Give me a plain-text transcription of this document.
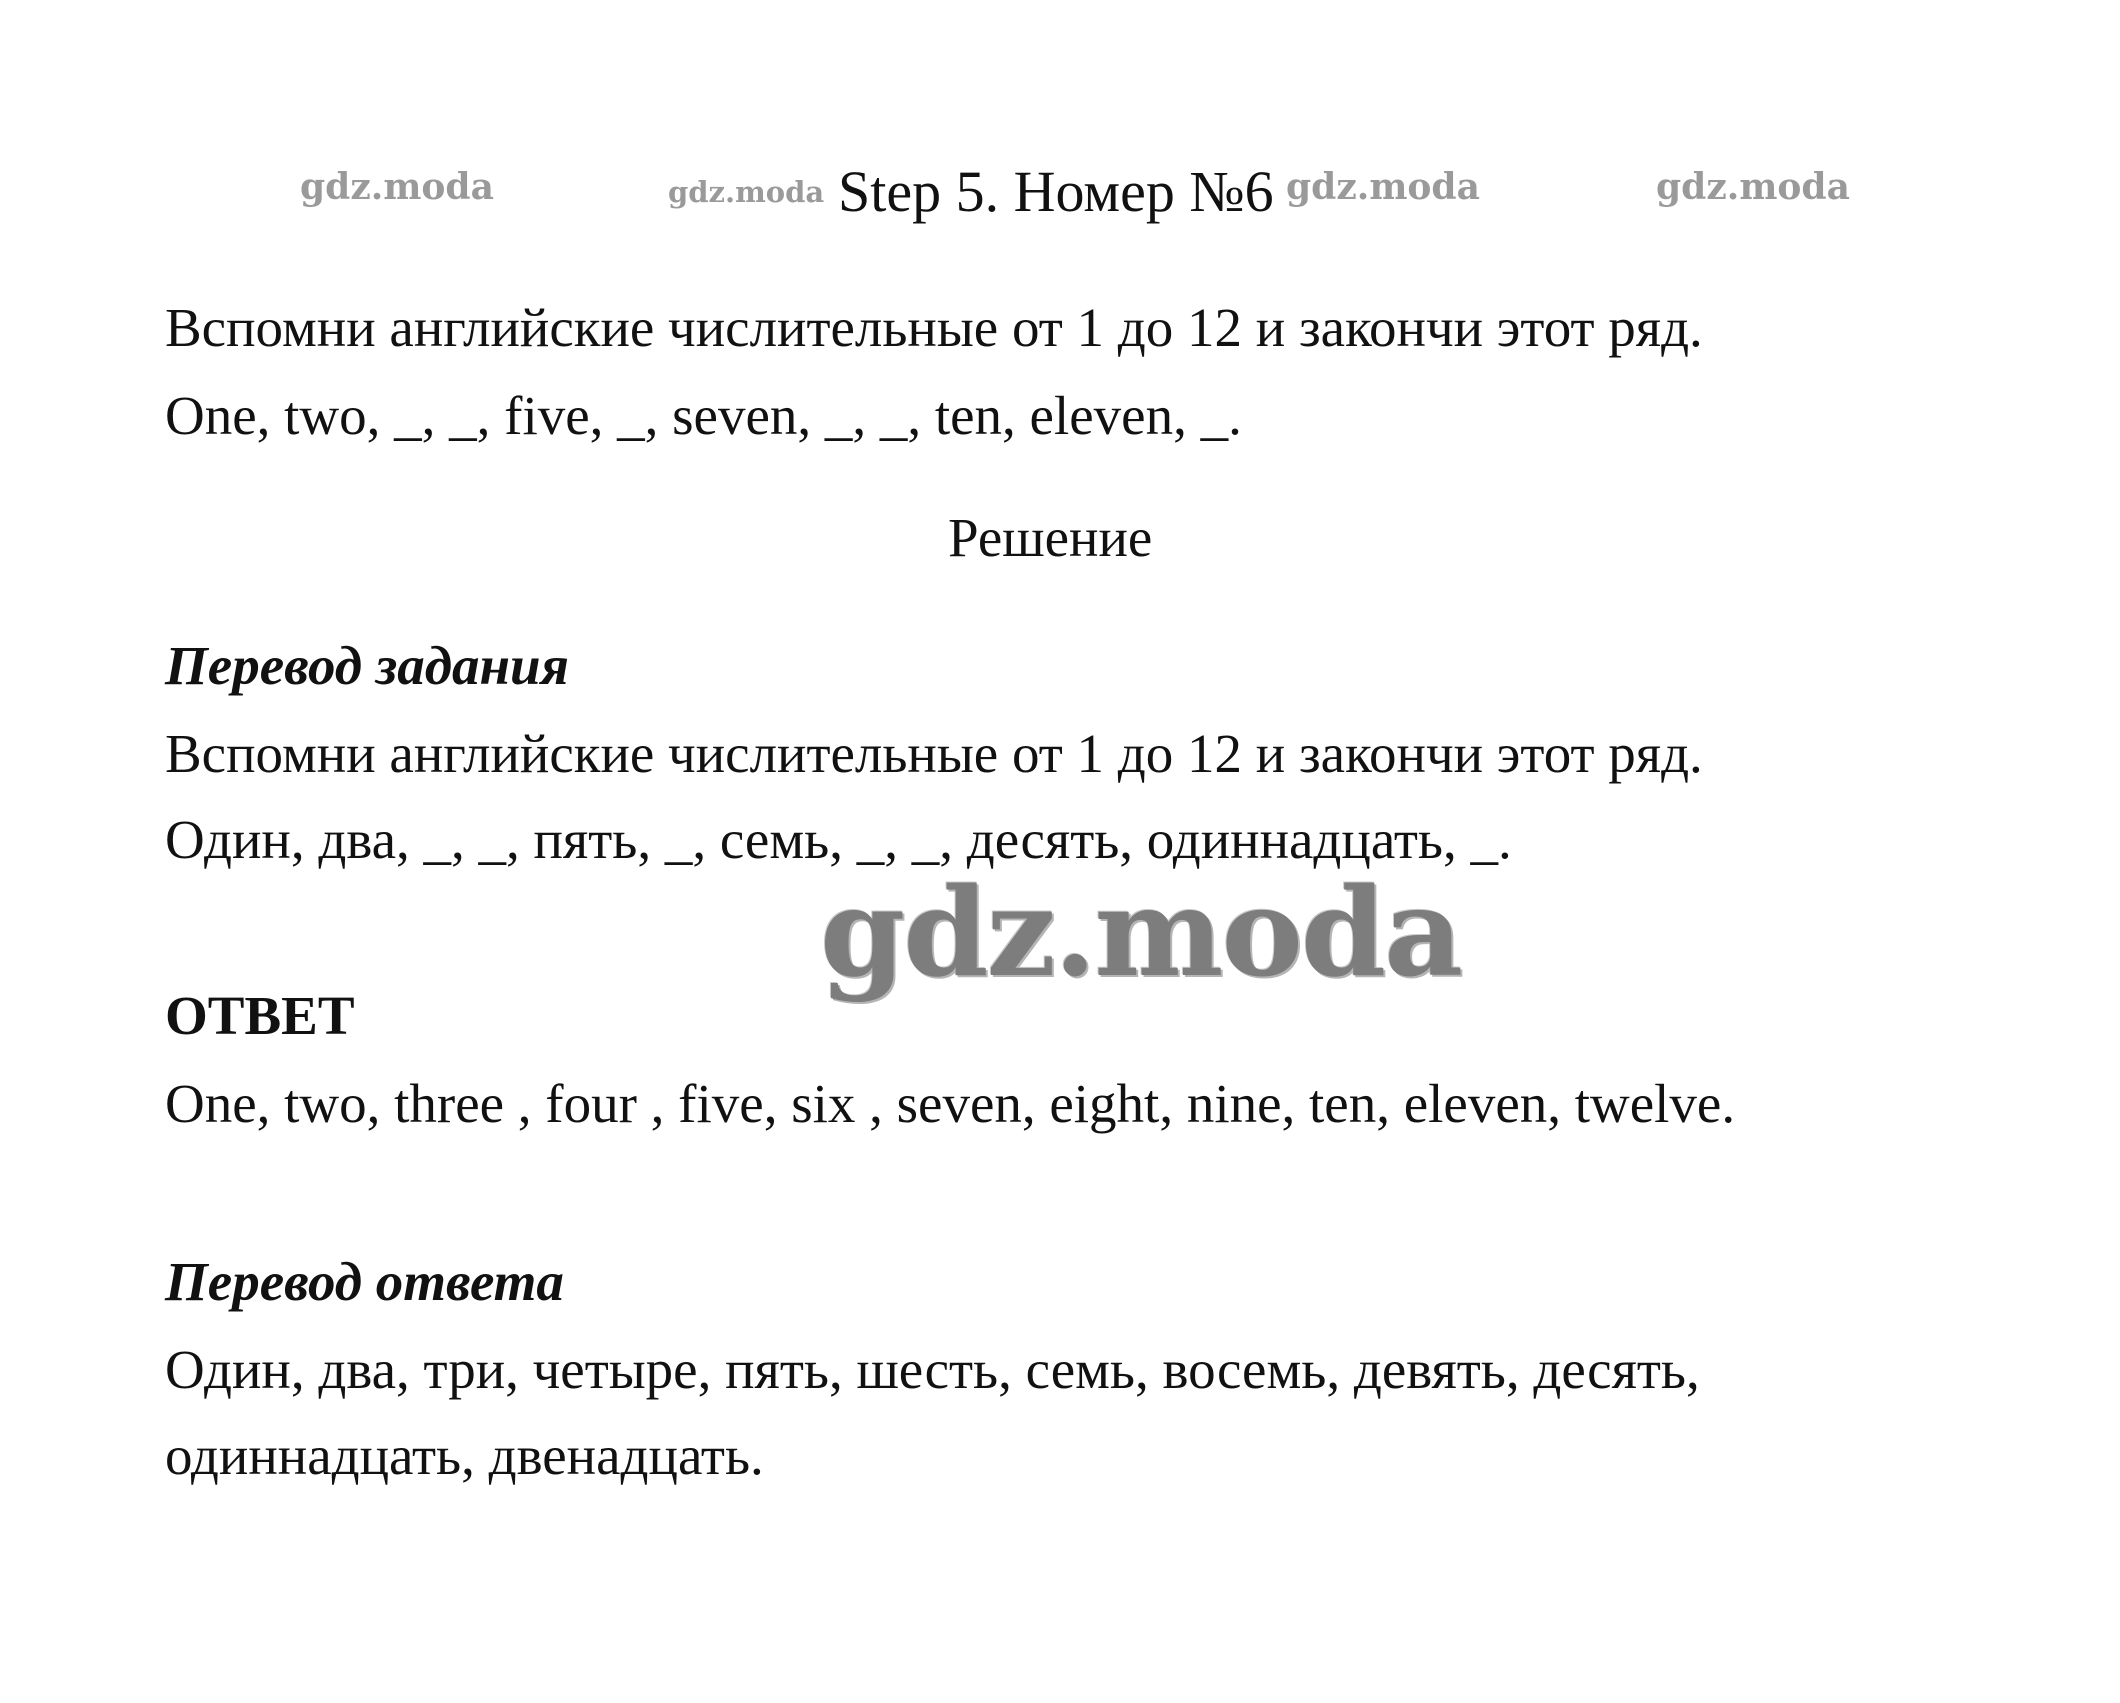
gdz.moda	gdz.moda	gdz.moda	gdz.moda
Step 5. Номер №6
Вспомни английские числительные от 1 до 12 и закончи этот ряд.
One, two, _, _, five, _, seven, _, _, ten, eleven, _.
Решение
Перевод задания
Вспомни английские числительные от 1 до 12 и закончи этот ряд.
Один, два, _, _, пять, _, семь, _, _, десять, одиннадцать, _.
gdz.moda
ОТВЕТ
One, two, three , four , five, six , seven, eight, nine, ten, eleven, twelve.
Перевод ответа
Один, два, три, четыре, пять, шесть, семь, восемь, девять, десять,
одиннадцать, двенадцать.
